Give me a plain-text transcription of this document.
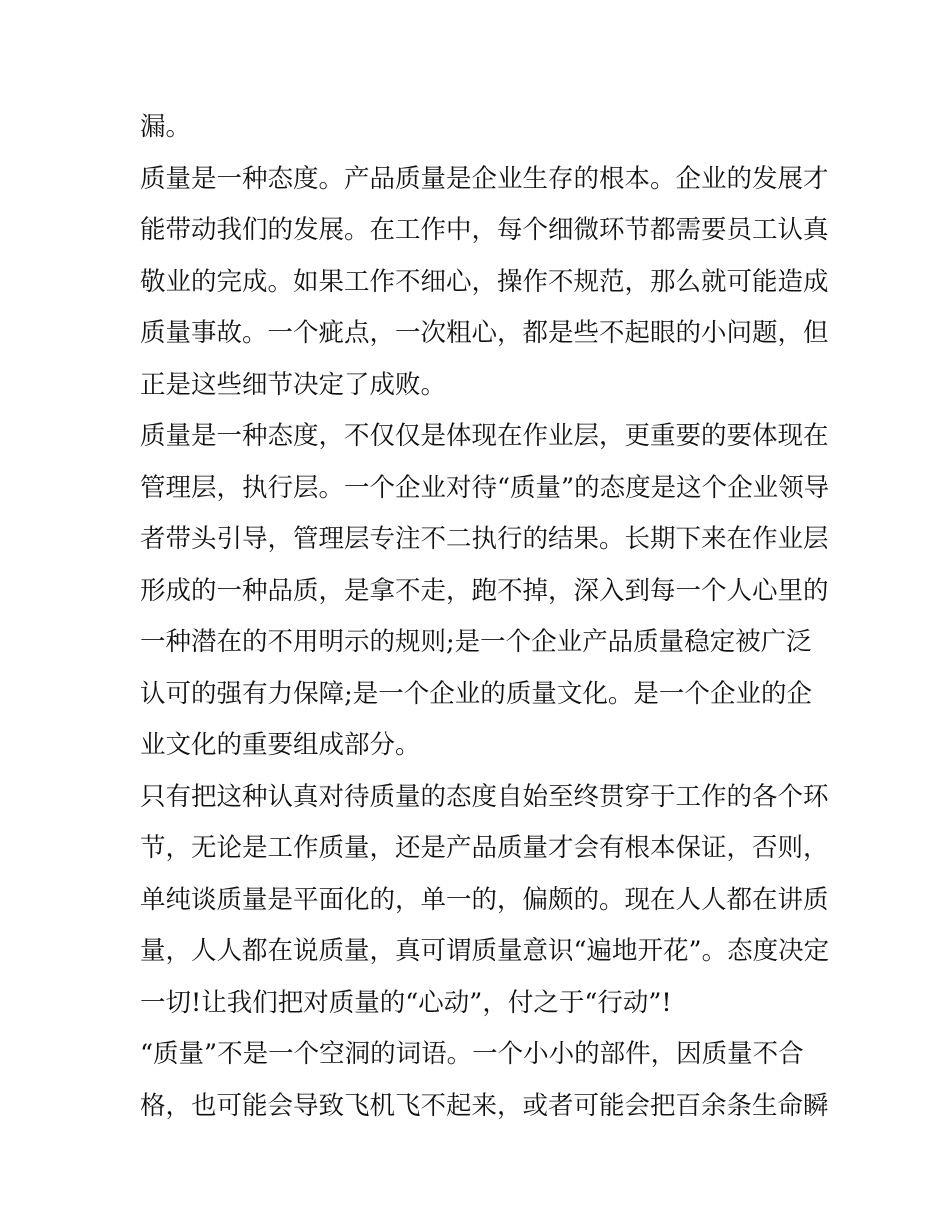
漏。
质量是一种态度。产品质量是企业生存的根本。企业的发展才
能带动我们的发展。在工作中，每个细微环节都需要员工认真
敬业的完成。如果工作不细心，操作不规范，那么就可能造成
质量事故。一个疵点，一次粗心，都是些不起眼的小问题，但
正是这些细节决定了成败。
质量是一种态度，不仅仅是体现在作业层，更重要的要体现在
管理层，执行层。一个企业对待“质量”的态度是这个企业领导
者带头引导，管理层专注不二执行的结果。长期下来在作业层
形成的一种品质，是拿不走，跑不掉，深入到每一个人心里的
一种潜在的不用明示的规则;是一个企业产品质量稳定被广泛
认可的强有力保障;是一个企业的质量文化。是一个企业的企
业文化的重要组成部分。
只有把这种认真对待质量的态度自始至终贯穿于工作的各个环
节，无论是工作质量，还是产品质量才会有根本保证，否则，
单纯谈质量是平面化的，单一的，偏颇的。现在人人都在讲质
量，人人都在说质量，真可谓质量意识“遍地开花”。态度决定
一切!让我们把对质量的“心动”，付之于“行动”!
“质量”不是一个空洞的词语。一个小小的部件，因质量不合
格，也可能会导致飞机飞不起来，或者可能会把百余条生命瞬
